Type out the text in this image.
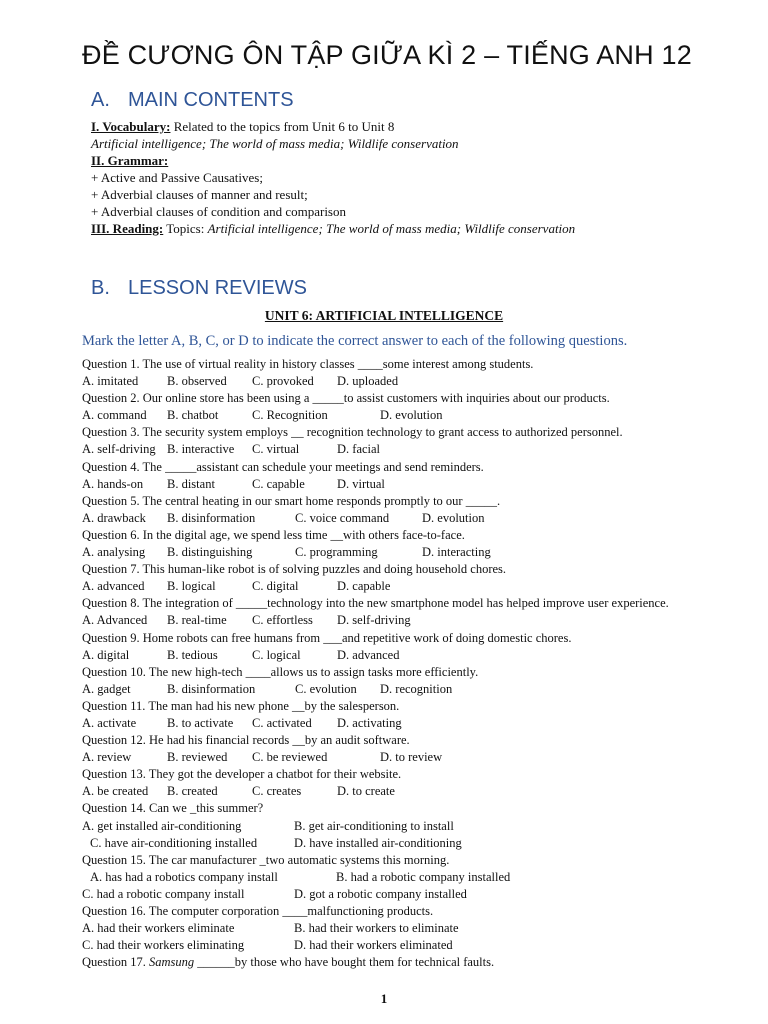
ĐỀ CƯƠNG ÔN TẬP GIỮA KÌ 2 – TIẾNG ANH 12
A. MAIN CONTENTS
I. Vocabulary: Related to the topics from Unit 6 to Unit 8
Artificial intelligence; The world of mass media; Wildlife conservation
II. Grammar:
+ Active and Passive Causatives;
+ Adverbial clauses of manner and result;
+ Adverbial clauses of condition and comparison
III. Reading: Topics: Artificial intelligence; The world of mass media; Wildlife conservation
B. LESSON REVIEWS
UNIT 6: ARTIFICIAL INTELLIGENCE
Mark the letter A, B, C, or D to indicate the correct answer to each of the following questions.
Question 1. The use of virtual reality in history classes ____some interest among students.
A. imitated	B. observed	C. provoked	D. uploaded
Question 2. Our online store has been using a _____to assist customers with inquiries about our products.
A. command	B. chatbot	C. Recognition	D. evolution
Question 3. The security system employs __ recognition technology to grant access to authorized personnel.
A. self-driving B. interactive	C. virtual	D. facial
Question 4. The _____assistant can schedule your meetings and send reminders.
A. hands-on	B. distant	C. capable	D. virtual
Question 5. The central heating in our smart home responds promptly to our _____.
A. drawback	B. disinformation	C. voice command	D. evolution
Question 6. In the digital age, we spend less time __with others face-to-face.
A. analysing	B. distinguishing	C. programming	D. interacting
Question 7. This human-like robot is of solving puzzles and doing household chores.
A. advanced	B. logical	C. digital	D. capable
Question 8. The integration of _____technology into the new smartphone model has helped improve user experience.
A. Advanced	B. real-time	C. effortless	D. self-driving
Question 9. Home robots can free humans from ___and repetitive work of doing domestic chores.
A. digital	B. tedious	C. logical	D. advanced
Question 10. The new high-tech ____allows us to assign tasks more efficiently.
A. gadget	B. disinformation	C. evolution	D. recognition
Question 11. The man had his new phone __by the salesperson.
A. activate	B. to activate	C. activated	D. activating
Question 12. He had his financial records __by an audit software.
A. review	B. reviewed	C. be reviewed	D. to review
Question 13. They got the developer a chatbot for their website.
A. be created	B. created	C. creates	D. to create
Question 14. Can we _this summer?
A. get installed air-conditioning	B. get air-conditioning to install
C. have air-conditioning installed	D. have installed air-conditioning
Question 15. The car manufacturer _two automatic systems this morning.
A. has had a robotics company install	B. had a robotic company installed
C. had a robotic company install	D. got a robotic company installed
Question 16. The computer corporation ____malfunctioning products.
A. had their workers eliminate	B. had their workers to eliminate
C. had their workers eliminating	D. had their workers eliminated
Question 17. Samsung ______by those who have bought them for technical faults.
1
